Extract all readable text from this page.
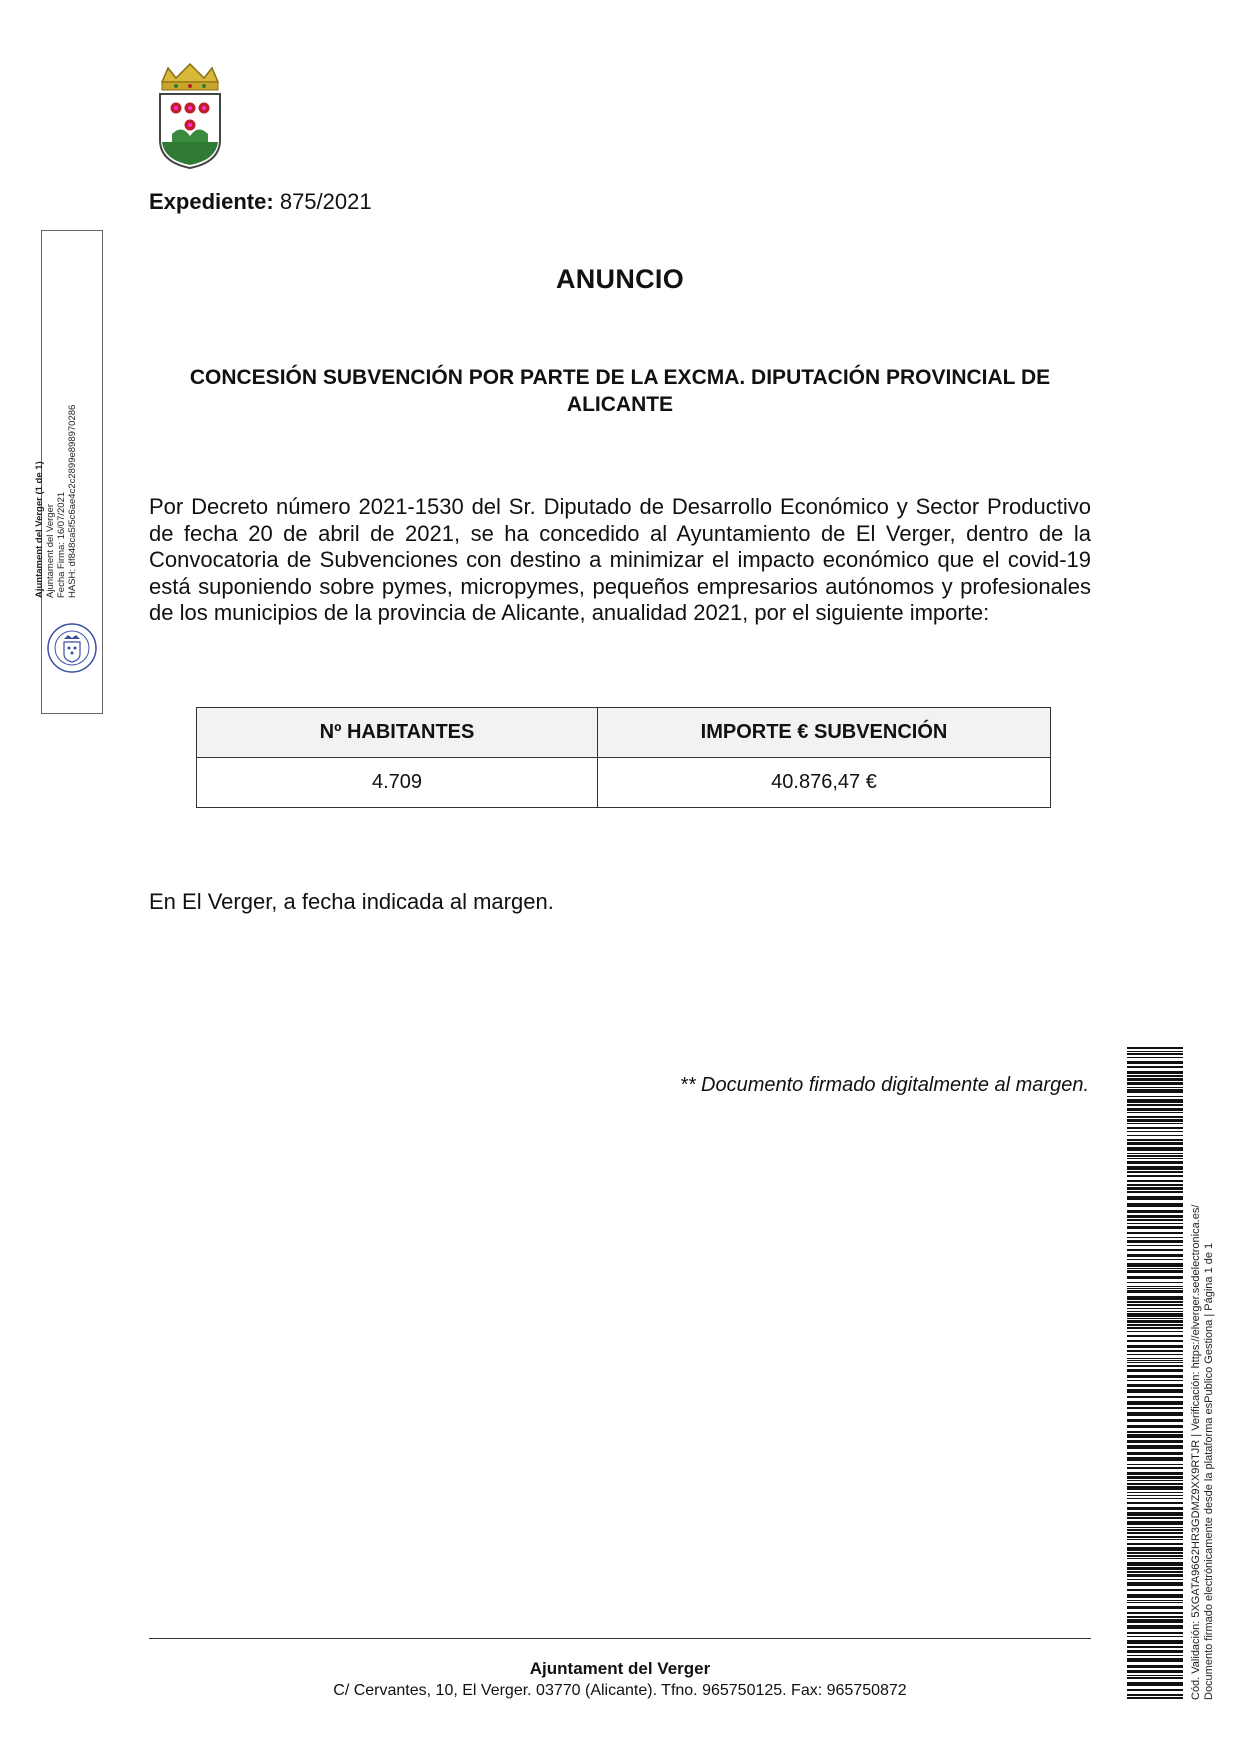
Expediente: 875/2021
ANUNCIO
CONCESIÓN SUBVENCIÓN POR PARTE DE LA EXCMA. DIPUTACIÓN PROVINCIAL DE ALICANTE
Por Decreto número 2021-1530 del Sr. Diputado de Desarrollo Económico y Sector Productivo de fecha 20 de abril de 2021, se ha concedido al Ayuntamiento de El Verger, dentro de la Convocatoria de Subvenciones con destino a minimizar el impacto económico que el covid-19 está suponiendo sobre pymes, micropymes, pequeños empresarios autónomos y profesionales de los municipios de la provincia de Alicante, anualidad 2021, por el siguiente importe:
Nº HABITANTES	IMPORTE € SUBVENCIÓN
4.709	40.876,47 €
En El Verger, a fecha indicada al margen.
** Documento firmado digitalmente al margen.
Ajuntament del Verger
C/ Cervantes, 10, El Verger. 03770 (Alicante). Tfno. 965750125. Fax: 965750872
Ajuntament del Verger (1 de 1) Ajuntament del Verger Fecha Firma: 16/07/2021 HASH: df848ca5f5c6ae4c2c2899e898970286
Cód. Validación: 5XGATA96G2HR3GDMZ9XX9RTJR | Verificación: https://elverger.sedelectronica.es/ Documento firmado electrónicamente desde la plataforma esPublico Gestiona | Página 1 de 1
